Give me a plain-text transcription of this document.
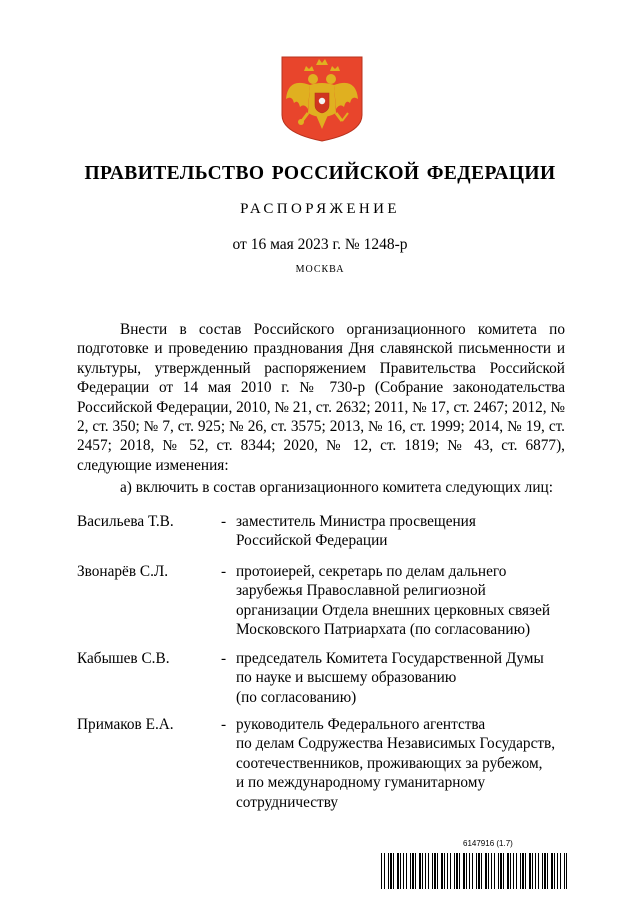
ПРАВИТЕЛЬСТВО РОССИЙСКОЙ ФЕДЕРАЦИИ
РАСПОРЯЖЕНИЕ
от 16 мая 2023 г. № 1248-р
МОСКВА

Внести в состав Российского организационного комитета по подготовке и проведению празднования Дня славянской письменности и культуры, утвержденный распоряжением Правительства Российской Федерации от 14 мая 2010 г. № 730-р (Собрание законодательства Российской Федерации, 2010, № 21, ст. 2632; 2011, № 17, ст. 2467; 2012, № 2, ст. 350; № 7, ст. 925; № 26, ст. 3575; 2013, № 16, ст. 1999; 2014, № 19, ст. 2457; 2018, № 52, ст. 8344; 2020, № 12, ст. 1819; № 43, ст. 6877), следующие изменения:

а) включить в состав организационного комитета следующих лиц:
Васильева Т.В.	- заместитель Министра просвещения
Российской Федерации
Звонарёв С.Л.	- протоиерей, секретарь по делам дальнего
зарубежья Православной религиозной
организации Отдела внешних церковных связей
Московского Патриархата (по согласованию)
Кабышев С.В.	- председатель Комитета Государственной Думы
по науке и высшему образованию
(по согласованию)
Примаков Е.А.	- руководитель Федерального агентства
по делам Содружества Независимых Государств,
соотечественников, проживающих за рубежом,
и по международному гуманитарному
сотрудничеству
6147916 (1.7)
